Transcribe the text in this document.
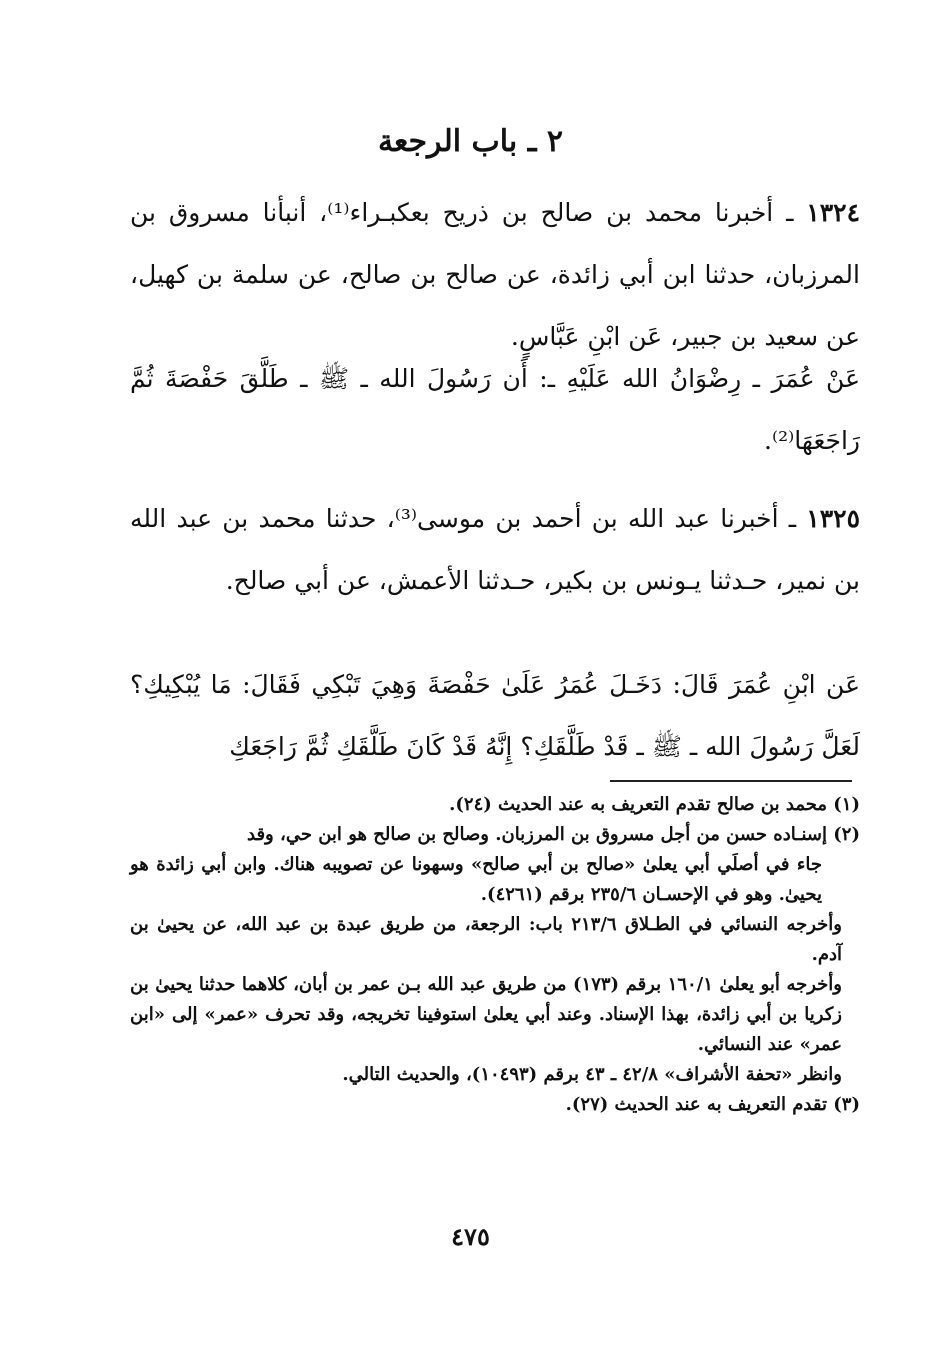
٢ ـ باب الرجعة
١٣٢٤ ـ أخبرنا محمد بن صالح بن ذريح بعكبـراء⁽¹⁾، أنبأنا مسروق بن المرزبان، حدثنا ابن أبي زائدة، عن صالح بن صالح، عن سلمة بن كهيل، عن سعيد بن جبير، عَن ابْنِ عَبَّاسٍ.
عَنْ عُمَرَ ـ رِضْوَانُ الله عَلَيْهِ ـ: أَن رَسُولَ الله ـ ﷺ ـ طَلَّقَ حَفْصَةَ ثُمَّ رَاجَعَهَا⁽²⁾.
١٣٢٥ ـ أخبرنا عبد الله بن أحمد بن موسى⁽³⁾، حدثنا محمد بن عبد الله بن نمير، حـدثنا يـونس بن بكير، حـدثنا الأعمش، عن أبي صالح.
عَن ابْنِ عُمَرَ قَالَ: دَخَـلَ عُمَرُ عَلَىٰ حَفْصَةَ وَهِيَ تَبْكِي فَقَالَ: مَا يُبْكِيكِ؟ لَعَلَّ رَسُولَ الله ـ ﷺ ـ قَدْ طَلَّقَكِ؟ إِنَّهُ قَدْ كَانَ طَلَّقَكِ ثُمَّ رَاجَعَكِ

(١) محمد بن صالح تقدم التعريف به عند الحديث (٢٤).

(٢) إسنـاده حسن من أجل مسروق بن المرزبان. وصالح بن صالح هو ابن حي، وقد

جاء في أصلَي أبي يعلىٰ «صالح بن أبي صالح» وسهونا عن تصويبه هناك. وابن أبي زائدة هو يحيىٰ. وهو في الإحسـان ٢٣٥/٦ برقم (٤٢٦١).

وأخرجه النسائي في الطـلاق ٢١٣/٦ باب: الرجعة، من طريق عبدة بن عبد الله، عن يحيىٰ بن آدم.

وأخرجه أبو يعلىٰ ١٦٠/١ برقم (١٧٣) من طريق عبد الله بـن عمر بن أبان، كلاهما حدثنا يحيىٰ بن زكريا بن أبي زائدة، بهذا الإسناد. وعند أبي يعلىٰ استوفينا تخريجه، وقد تحرف «عمر» إلى «ابن عمر» عند النسائي.

وانظر «تحفة الأشراف» ٤٢/٨ ـ ٤٣ برقم (١٠٤٩٣)، والحديث التالي.

(٣) تقدم التعريف به عند الحديث (٢٧).

٤٧٥
